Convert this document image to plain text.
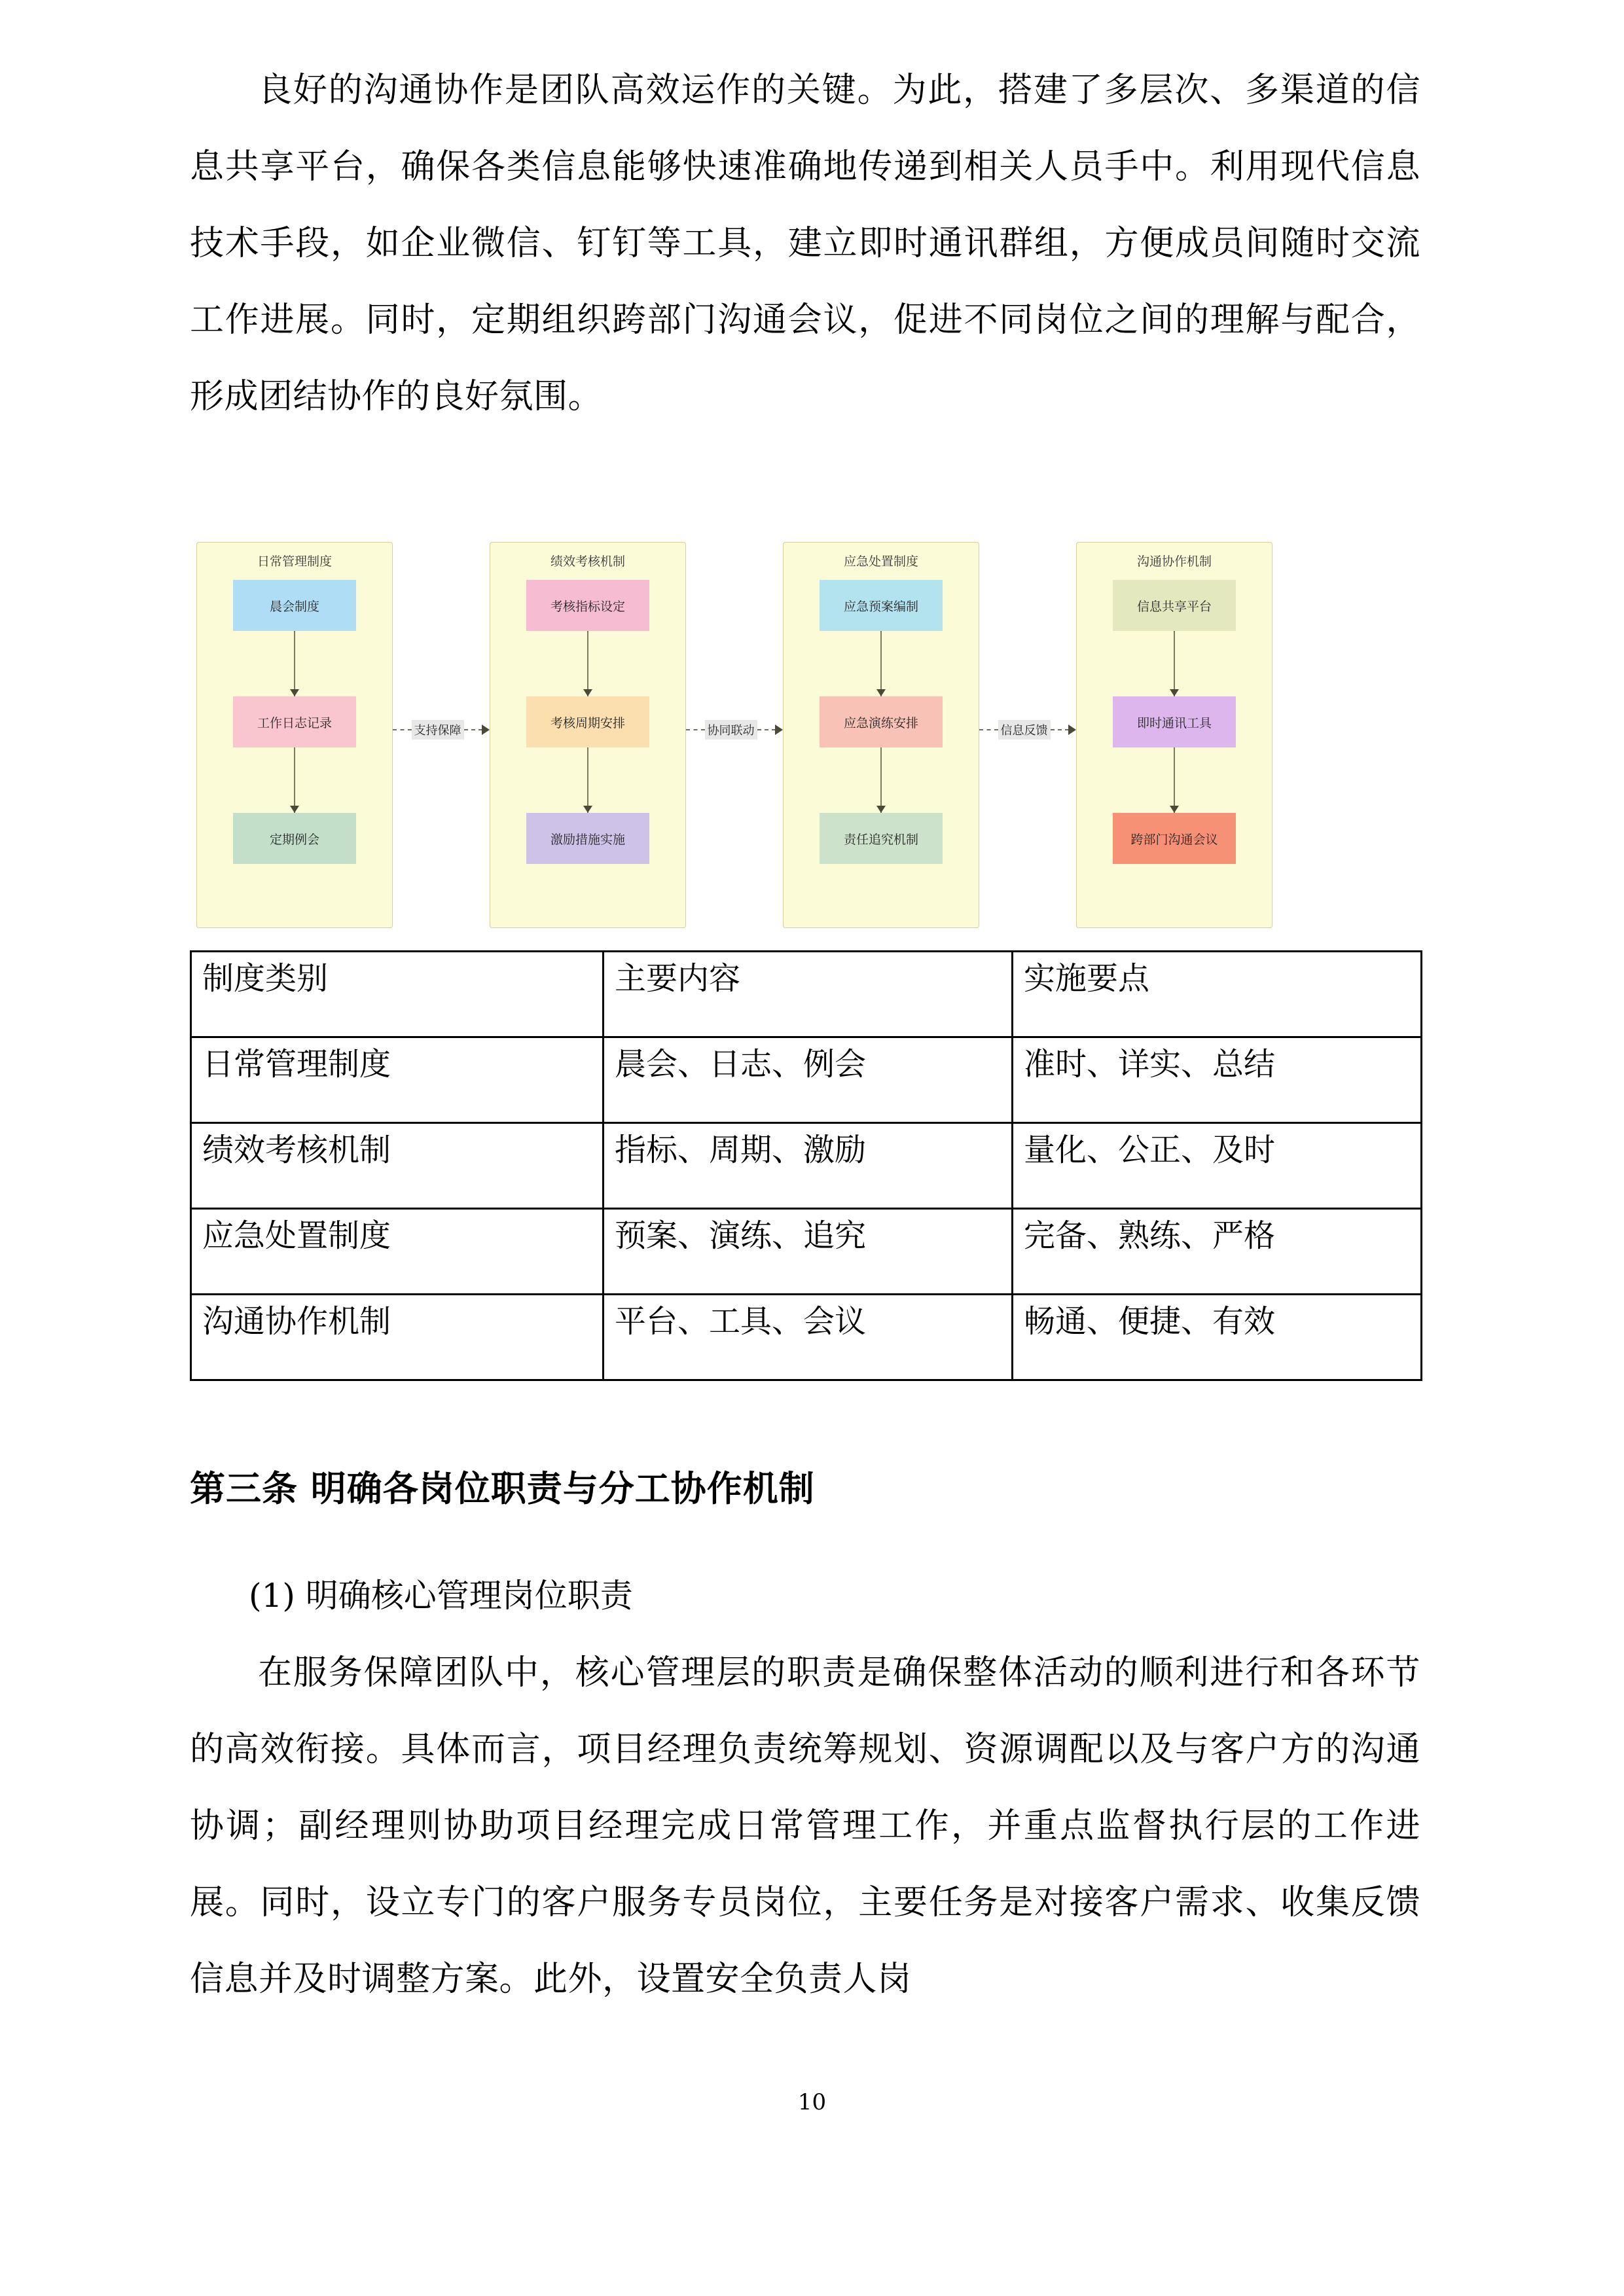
良好的沟通协作是团队高效运作的关键。为此，搭建了多层次、多渠道的信息共享平台，确保各类信息能够快速准确地传递到相关人员手中。利用现代信息技术手段，如企业微信、钉钉等工具，建立即时通讯群组，方便成员间随时交流工作进展。同时，定期组织跨部门沟通会议，促进不同岗位之间的理解与配合，形成团结协作的良好氛围。

日常管理制度
晨会制度
工作日志记录
定期例会
支持保障
绩效考核机制
考核指标设定
考核周期安排
激励措施实施
协同联动
应急处置制度
应急预案编制
应急演练安排
责任追究机制
信息反馈
沟通协作机制
信息共享平台
即时通讯工具
跨部门沟通会议
制度类别	主要内容	实施要点
日常管理制度	晨会、日志、例会	准时、详实、总结
绩效考核机制	指标、周期、激励	量化、公正、及时
应急处置制度	预案、演练、追究	完备、熟练、严格
沟通协作机制	平台、工具、会议	畅通、便捷、有效
第三条 明确各岗位职责与分工协作机制
(1) 明确核心管理岗位职责

在服务保障团队中，核心管理层的职责是确保整体活动的顺利进行和各环节的高效衔接。具体而言，项目经理负责统筹规划、资源调配以及与客户方的沟通协调；副经理则协助项目经理完成日常管理工作，并重点监督执行层的工作进展。同时，设立专门的客户服务专员岗位，主要任务是对接客户需求、收集反馈信息并及时调整方案。此外，设置安全负责人岗

10
